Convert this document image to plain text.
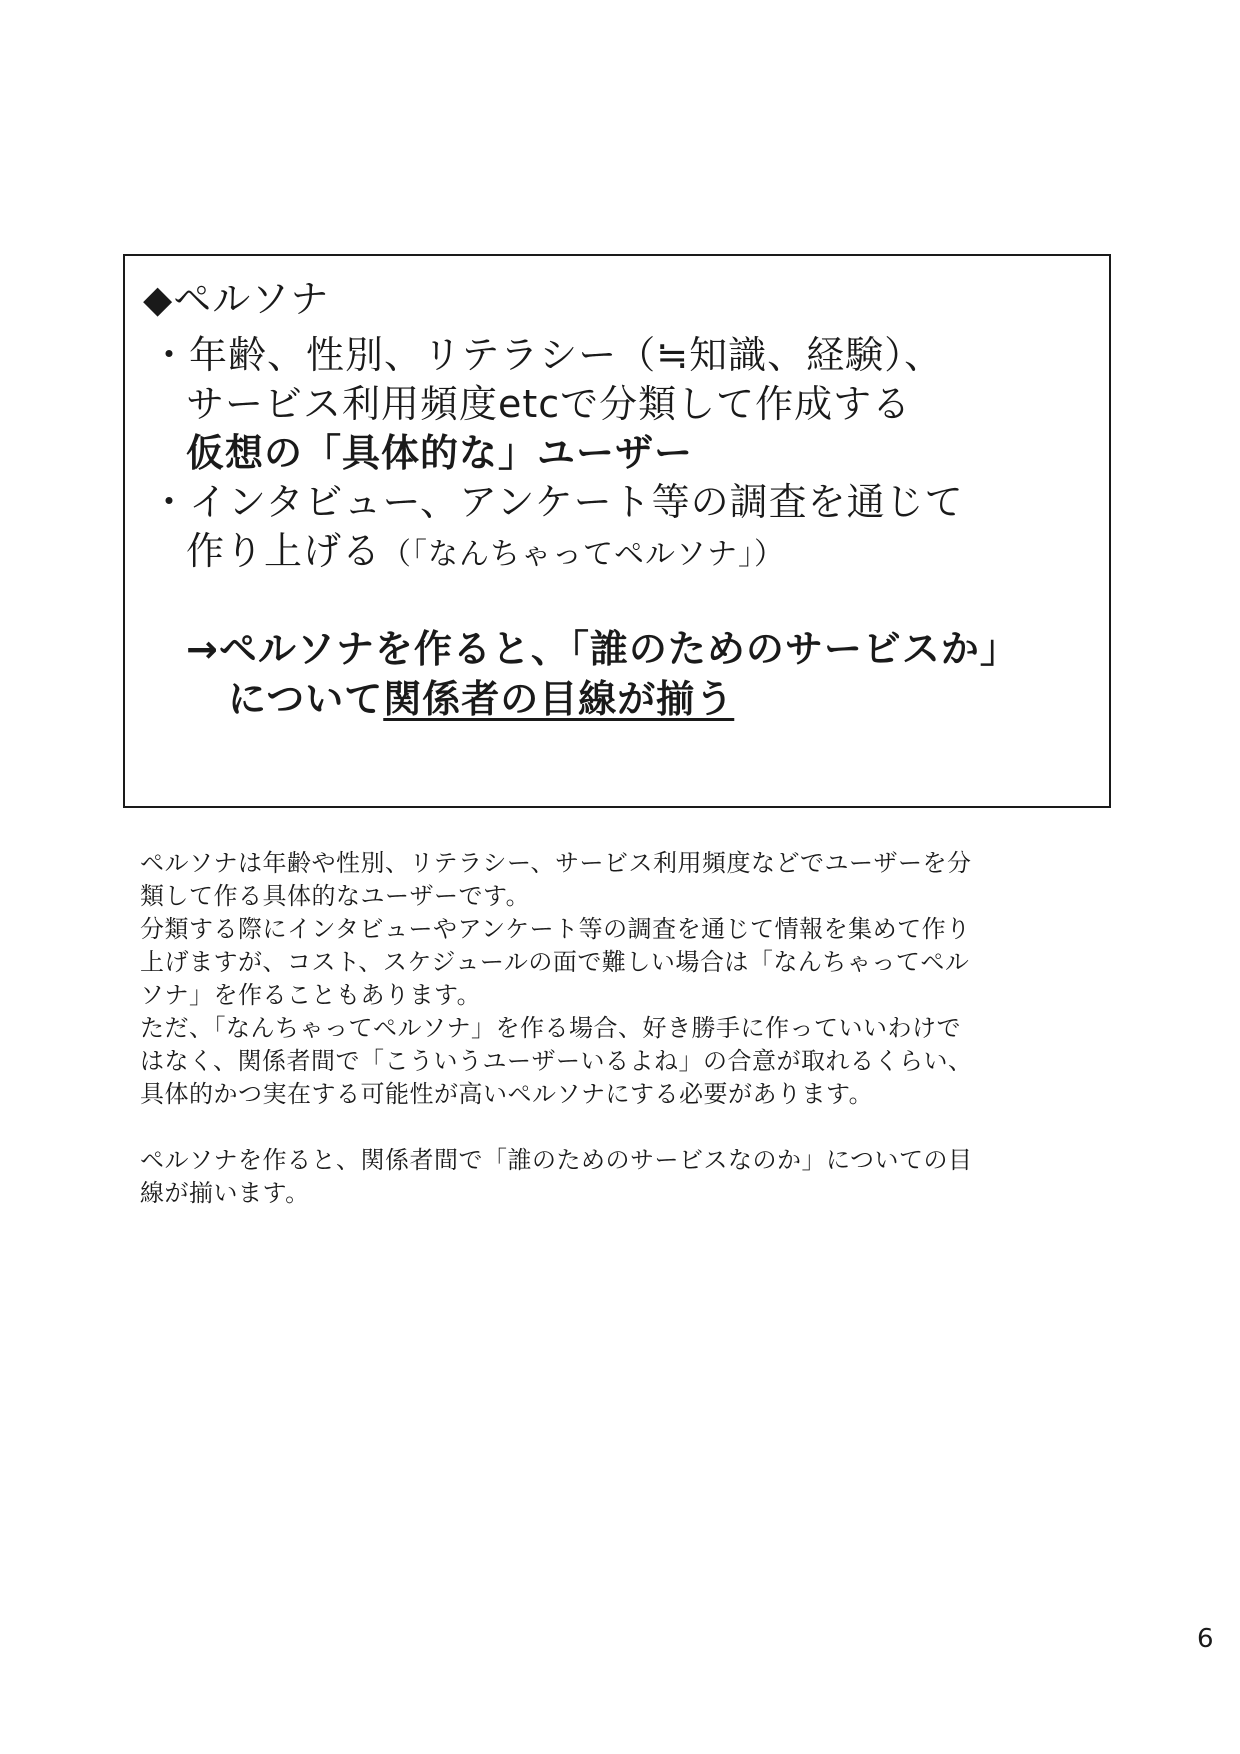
◆ペルソナ
・年齢、性別、リテラシー（≒知識、経験）、
サービス利用頻度etcで分類して作成する
仮想の「具体的な」ユーザー
・インタビュー、アンケート等の調査を通じて
作り上げる（「なんちゃってペルソナ」）
→ペルソナを作ると、「誰のためのサービスか」
について関係者の目線が揃う

ペルソナは年齢や性別、リテラシー、サービス利用頻度などでユーザーを分

類して作る具体的なユーザーです。

分類する際にインタビューやアンケート等の調査を通じて情報を集めて作り

上げますが、コスト、スケジュールの面で難しい場合は「なんちゃってペル

ソナ」を作ることもあります。

ただ、「なんちゃってペルソナ」を作る場合、好き勝手に作っていいわけで

はなく、関係者間で「こういうユーザーいるよね」の合意が取れるくらい、

具体的かつ実在する可能性が高いペルソナにする必要があります。

ペルソナを作ると、関係者間で「誰のためのサービスなのか」についての目

線が揃います。

6
